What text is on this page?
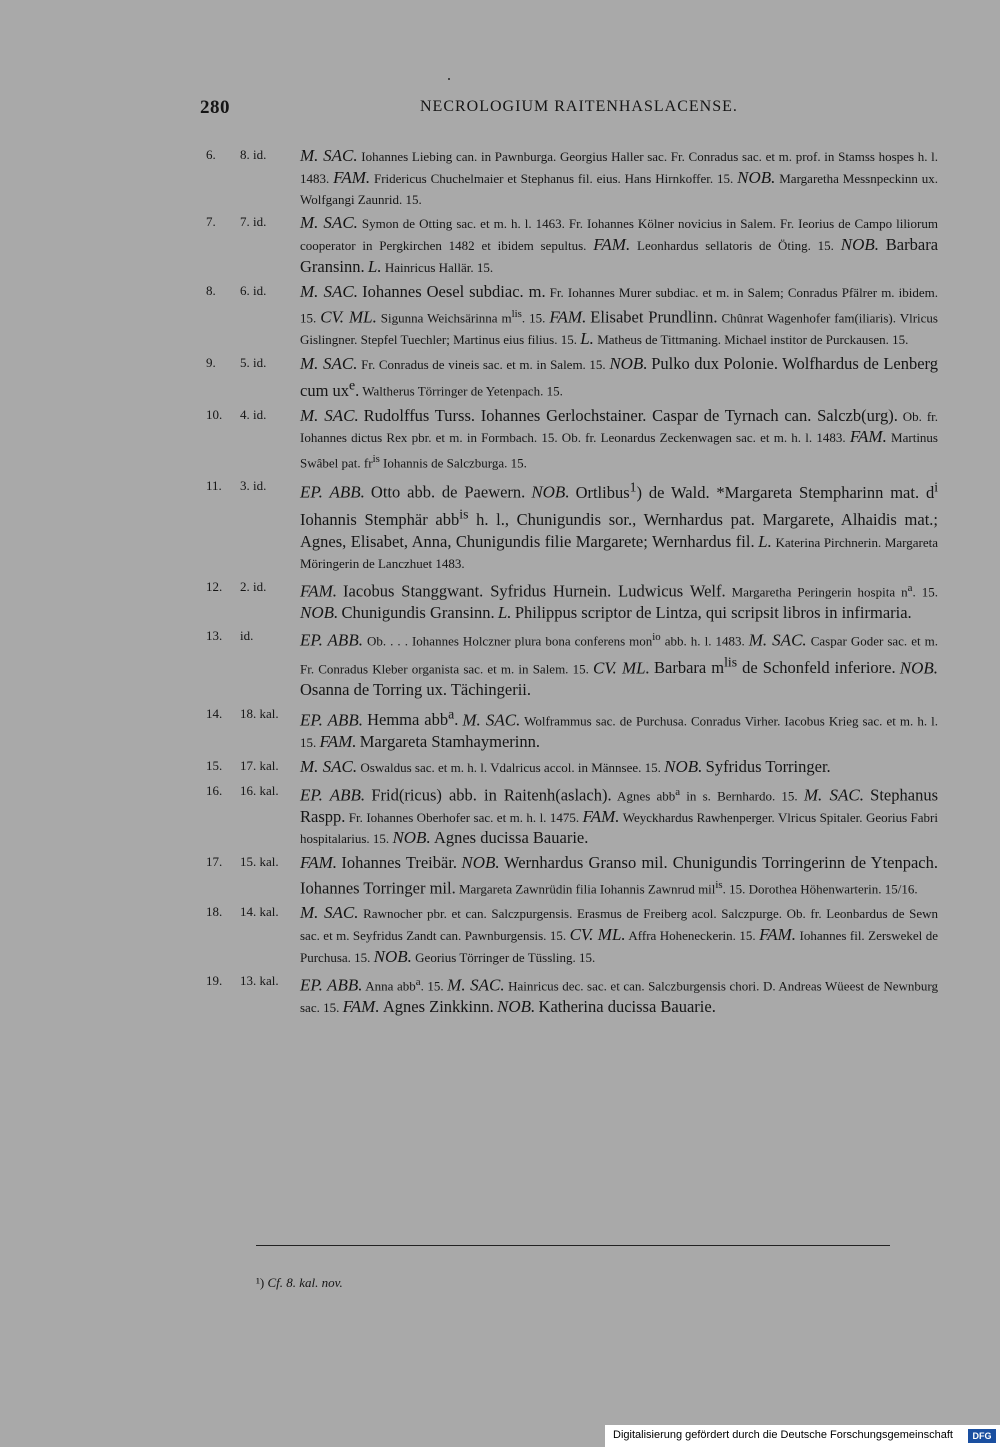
280	NECROLOGIUM RAITENHASLACENSE.
6. 8. id.	M. SAC. Iohannes Liebing can. in Pawnburga. Georgius Haller sac. Fr. Conradus sac. et m. prof. in Stamss hospes h. l. 1483. FAM. Fridericus Chuchelmaier et Stephanus fil. eius. Hans Hirnkoffer. 15. NOB. Margaretha Messnpeckinn ux. Wolfgangi Zaunrid. 15.
7. 7. id.	M. SAC. Symon de Otting sac. et m. h. l. 1463. Fr. Iohannes Kölner novicius in Salem. Fr. Ieorius de Campo liliorum cooperator in Pergkirchen 1482 et ibidem sepultus. FAM. Leonhardus sellatoris de Öting. 15. NOB. Barbara Gransinn. L. Hainricus Hallär. 15.
8. 6. id.	M. SAC. Iohannes Oesel subdiac. m. Fr. Iohannes Murer subdiac. et m. in Salem; Conradus Pfälrer m. ibidem. 15. CV. ML. Sigunna Weichsärinna $m^{lis}$. 15. FAM. Elisabet Prundlinn. Chûnrat Wagenhofer fam(iliaris). Vlricus Gislingner. Stepfel Tuechler; Martinus eius filius. 15. L. Matheus de Tittmaning. Michael institor de Purckausen. 15.
9. 5. id.	M. SAC. Fr. Conradus de vineis sac. et m. in Salem. 15. NOB. Pulko dux Polonie. Wolfhardus de Lenberg cum $ux^e$. Waltherus Törringer de Yetenpach. 15.
10. 4. id.	M. SAC. Rudolffus Turss. Iohannes Gerlochstainer. Caspar de Tyrnach can. Salczb(urg). Ob. fr. Iohannes dictus Rex pbr. et m. in Formbach. 15. Ob. fr. Leonardus Zeckenwagen sac. et m. h. l. 1483. FAM. Martinus Swâbel pat. $fr^{is}$ Iohannis de Salczburga. 15.
11. 3. id.	EP. ABB. Otto abb. de Paewern. NOB. Ortlibus$^1$) de Wald. *Margareta Stempharinn mat. $d^i$ Iohannis Stemphär abb$^{is}$ h. l., Chunigundis sor., Wernhardus pat. Margarete, Alhaidis mat.; Agnes, Elisabet, Anna, Chunigundis filie Margarete; Wernhardus fil. L. Katerina Pirchnerin. Margareta Möringerin de Lanczhuet 1483.
12. 2. id.	FAM. Iacobus Stanggwant. Syfridus Hurnein. Ludwicus Welf. Margaretha Peringerin hospita $n^a$. 15. NOB. Chunigundis Gransinn. L. Philippus scriptor de Lintza, qui scripsit libros in infirmaria.
13. id.	EP. ABB. Ob. . . . Iohannes Holczner plura bona conferens mon$^{io}$ abb. h. l. 1483. M. SAC. Caspar Goder sac. et m. Fr. Conradus Kleber organista sac. et m. in Salem. 15. CV. ML. Barbara $m^{lis}$ de Schonfeld inferiore. NOB. Osanna de Torring ux. Tächingerii.
14. 18. kal.	EP. ABB. Hemma abb$^a$. M. SAC. Wolframmus sac. de Purchusa. Conradus Virher. Iacobus Krieg sac. et m. h. l. 15. FAM. Margareta Stamhaymerinn.
15. 17. kal.	M. SAC. Oswaldus sac. et m. h. l. Vdalricus accol. in Männsee. 15. NOB. Syfridus Torringer.
16. 16. kal.	EP. ABB. Frid(ricus) abb. in Raitenh(aslach). Agnes abb$^a$ in s. Bernhardo. 15. M. SAC. Stephanus Raspp. Fr. Iohannes Oberhofer sac. et m. h. l. 1475. FAM. Weyckhardus Rawhenperger. Vlricus Spitaler. Georius Fabri hospitalarius. 15. NOB. Agnes ducissa Bauarie.
17. 15. kal.	FAM. Iohannes Treibär. NOB. Wernhardus Granso mil. Chunigundis Torringerinn de Ytenpach. Iohannes Torringer mil. Margareta Zawnrüdin filia Iohannis Zawnrud mil$^{is}$. 15. Dorothea Höhenwarterin. 15/16.
18. 14. kal.	M. SAC. Rawnocher pbr. et can. Salczpurgensis. Erasmus de Freiberg acol. Salczpurge. Ob. fr. Leonbardus de Sewn sac. et m. Seyfridus Zandt can. Pawnburgensis. 15. CV. ML. Affra Hoheneckerin. 15. FAM. Iohannes fil. Zerswekel de Purchusa. 15. NOB. Georius Törringer de Tüssling. 15.
19. 13. kal.	EP. ABB. Anna abb$^a$. 15. M. SAC. Hainricus dec. sac. et can. Salczburgensis chori. D. Andreas Wüeest de Newnburg sac. 15. FAM. Agnes Zinkkinn. NOB. Katherina ducissa Bauarie.
¹) Cf. 8. kal. nov.
Digitalisierung gefördert durch die Deutsche Forschungsgemeinschaft	DFG
